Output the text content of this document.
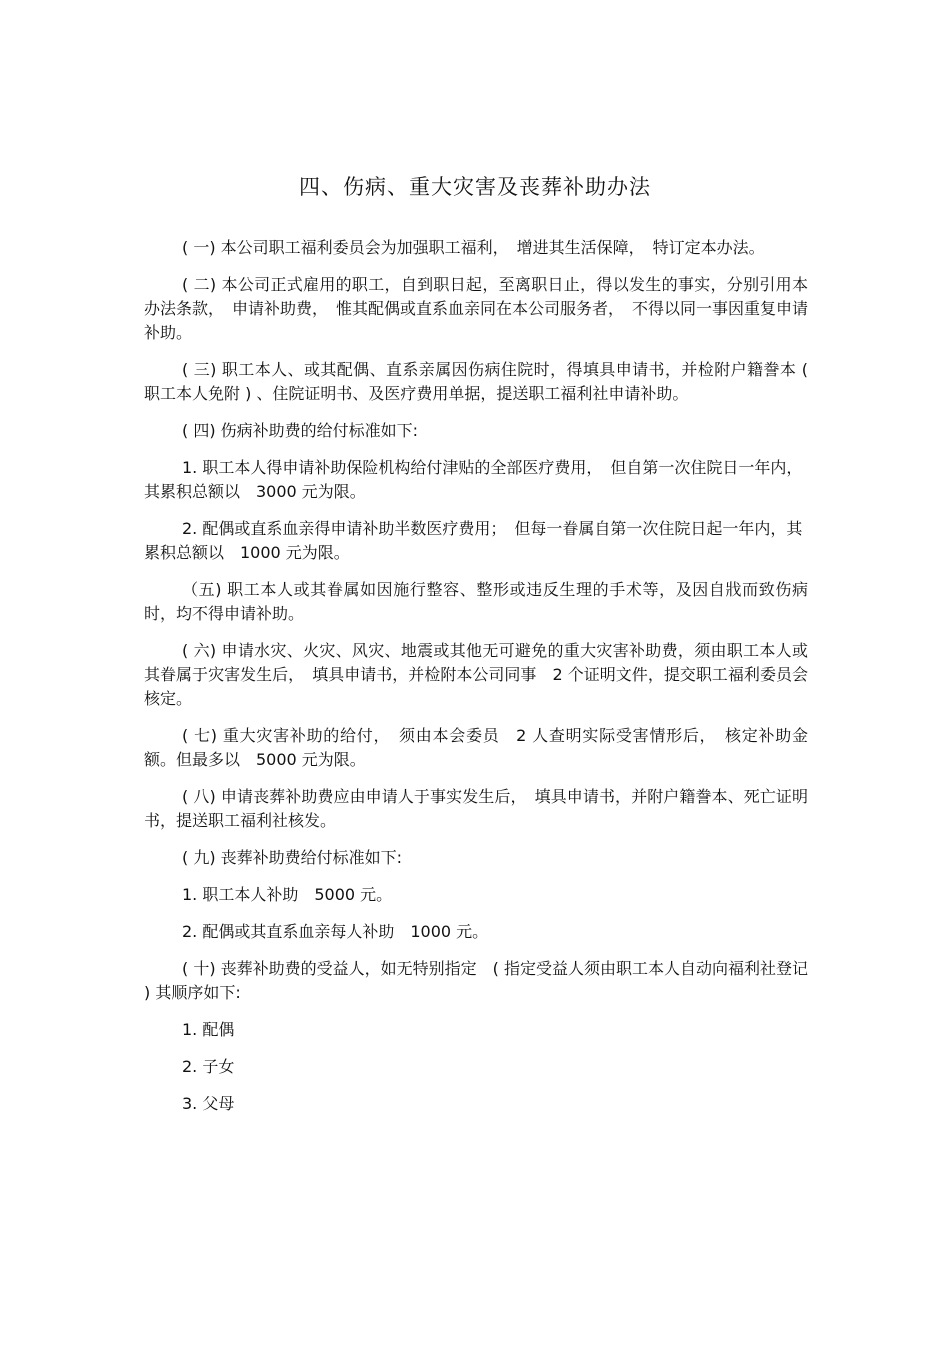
四、伤病、重大灾害及丧葬补助办法

( 一) 本公司职工福利委员会为加强职工福利，　增进其生活保障，　特订定本办法。

( 二) 本公司正式雇用的职工，自到职日起，至离职日止，得以发生的事实，分别引用本办法条款，　申请补助费，　惟其配偶或直系血亲同在本公司服务者，　不得以同一事因重复申请补助。

( 三) 职工本人、或其配偶、直系亲属因伤病住院时，得填具申请书，并检附户籍誊本 ( 职工本人免附 ) 、住院证明书、及医疗费用单据，提送职工福利社申请补助。

( 四) 伤病补助费的给付标准如下:

1. 职工本人得申请补助保险机构给付津贴的全部医疗费用，　但自第一次住院日一年内，其累积总额以　3000 元为限。

2. 配偶或直系血亲得申请补助半数医疗费用；　但每一眷属自第一次住院日起一年内，其累积总额以　1000 元为限。

（五) 职工本人或其眷属如因施行整容、整形或违反生理的手术等，及因自戕而致伤病时，均不得申请补助。

( 六) 申请水灾、火灾、风灾、地震或其他无可避免的重大灾害补助费，须由职工本人或其眷属于灾害发生后，　填具申请书，并检附本公司同事　2 个证明文件，提交职工福利委员会核定。

( 七) 重大灾害补助的给付，　须由本会委员　2 人查明实际受害情形后，　核定补助金额。但最多以　5000 元为限。

( 八) 申请丧葬补助费应由申请人于事实发生后，　填具申请书，并附户籍誊本、死亡证明书，提送职工福利社核发。

( 九) 丧葬补助费给付标准如下:

1. 职工本人补助　5000 元。

2. 配偶或其直系血亲每人补助　1000 元。

( 十) 丧葬补助费的受益人，如无特别指定　( 指定受益人须由职工本人自动向福利社登记 ) 其顺序如下:

1. 配偶

2. 子女

3. 父母
